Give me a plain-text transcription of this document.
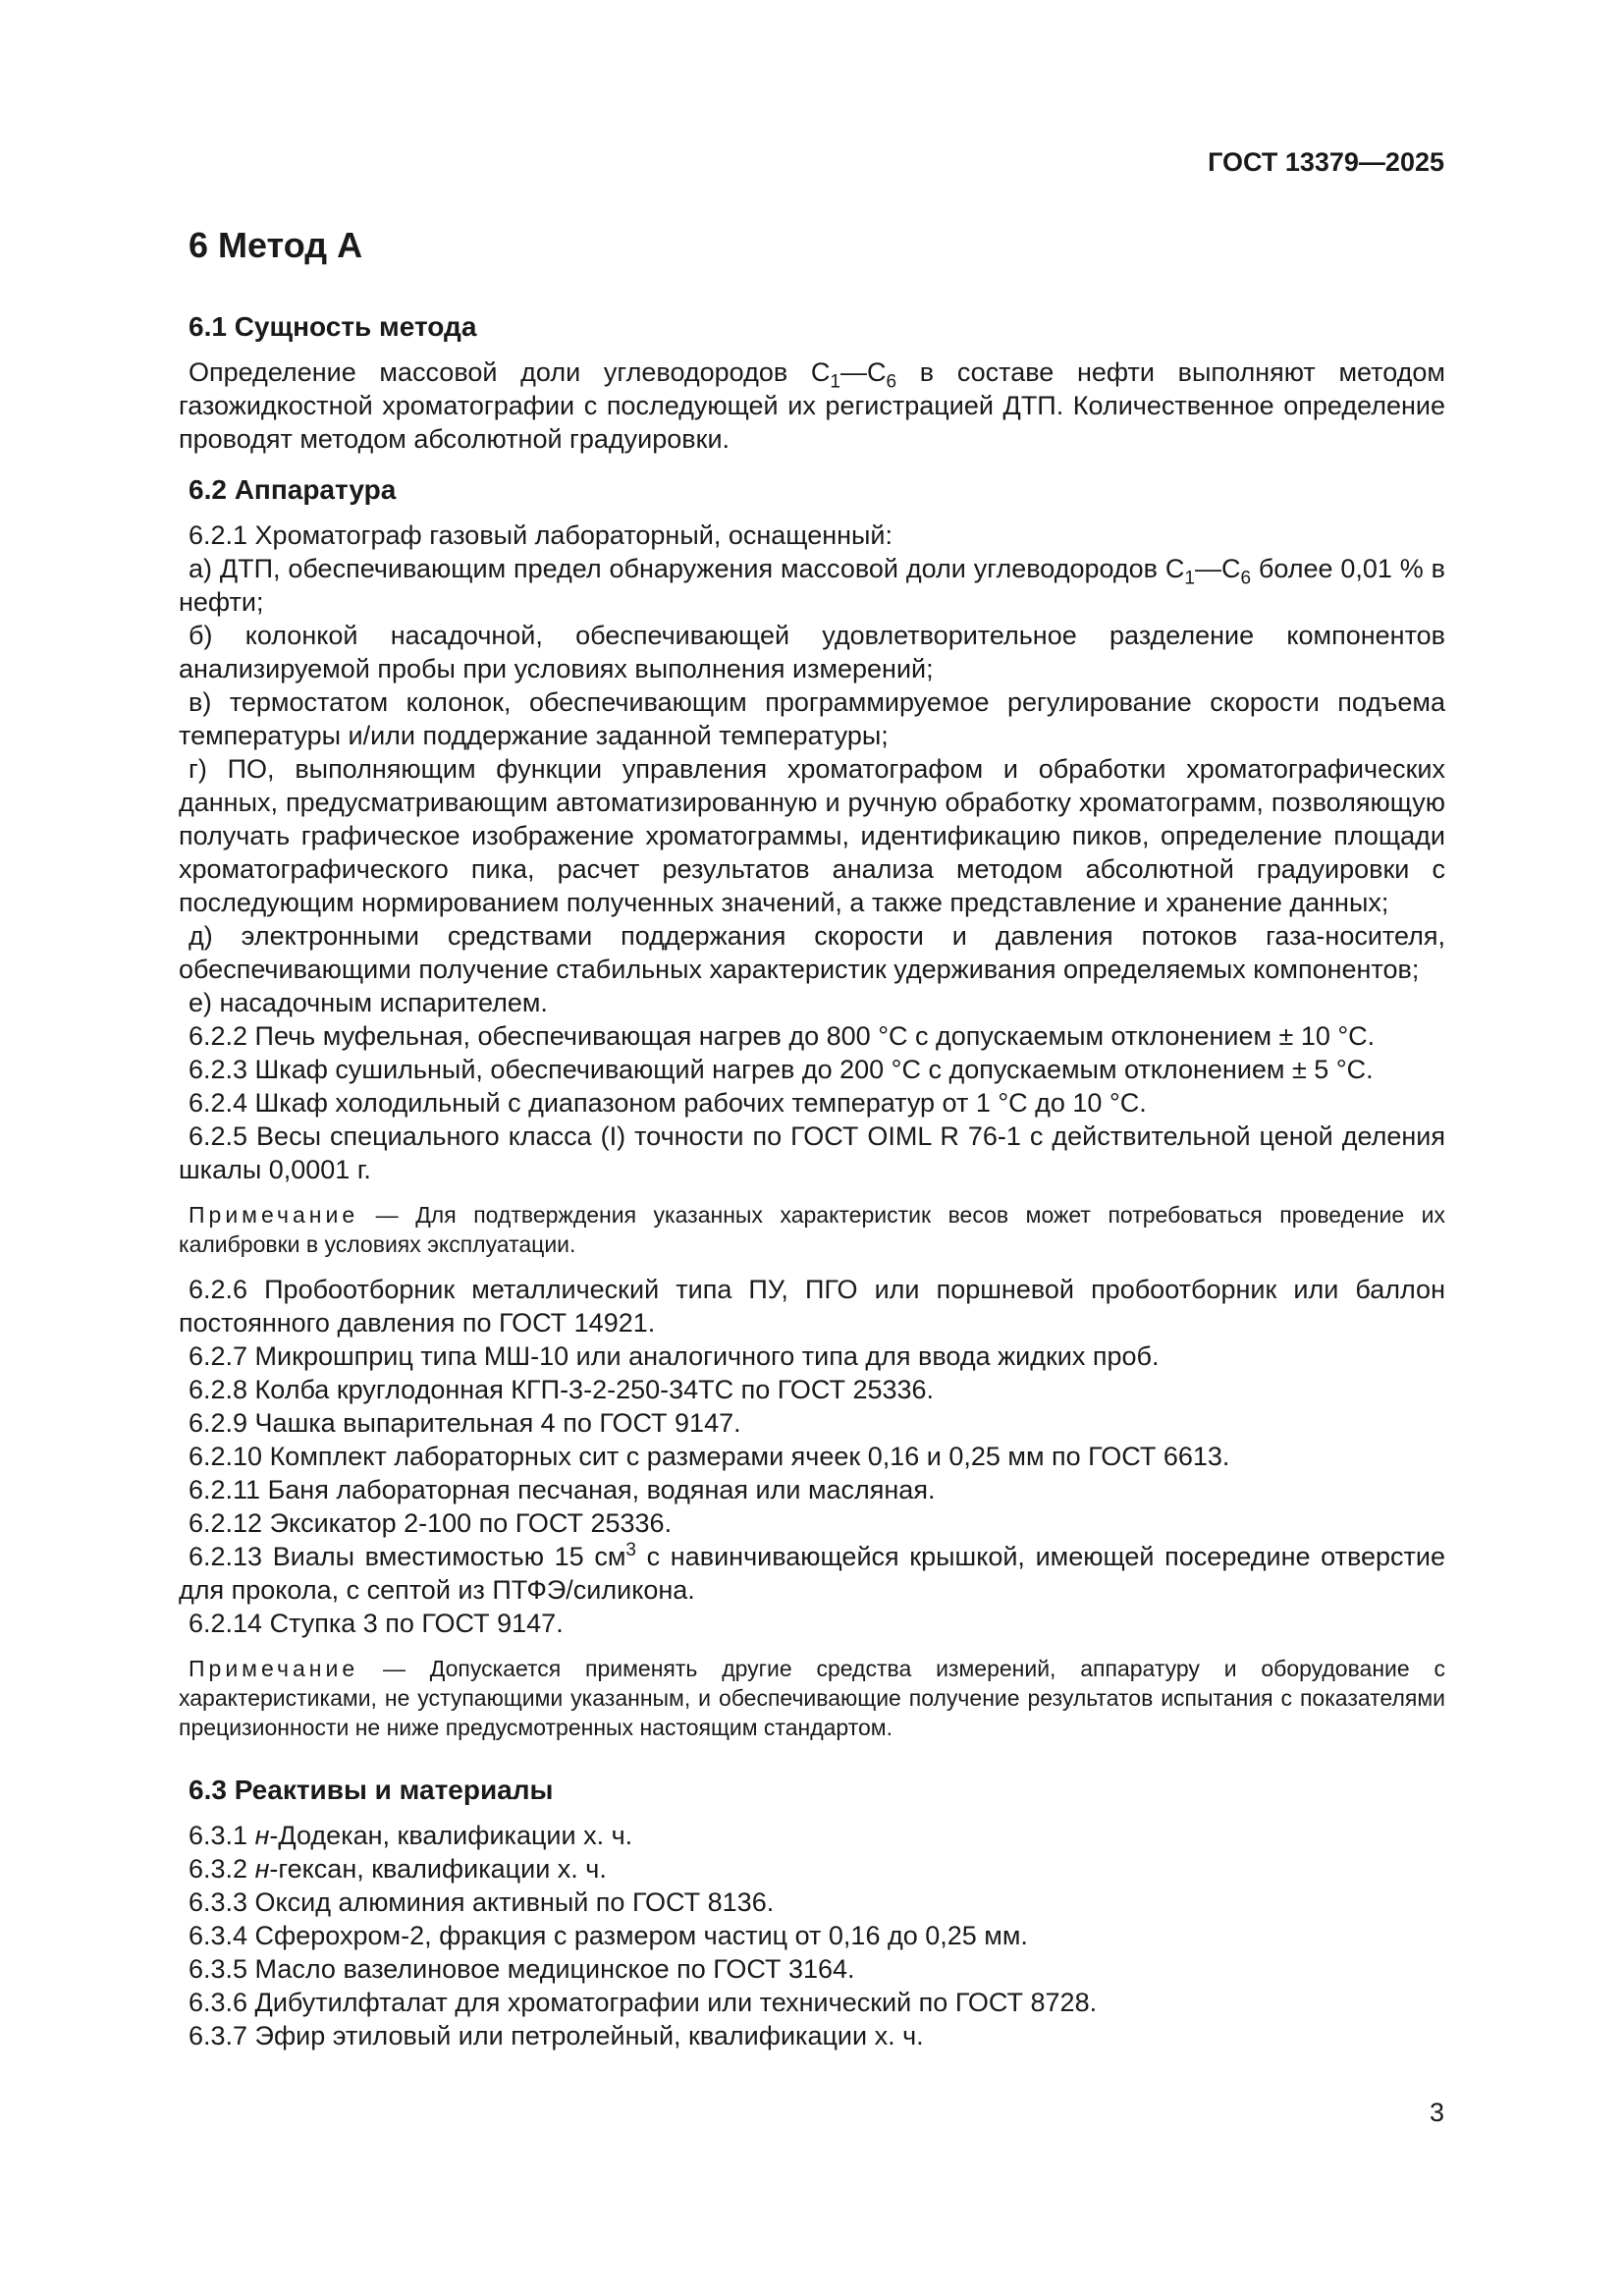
ГОСТ 13379—2025
6 Метод А
6.1 Сущность метода

Определение массовой доли углеводородов $С_1—С_6$ в составе нефти выполняют методом газожидкостной хроматографии с последующей их регистрацией ДТП. Количественное определение проводят методом абсолютной градуировки.

6.2 Аппаратура

6.2.1 Хроматограф газовый лабораторный, оснащенный:

а) ДТП, обеспечивающим предел обнаружения массовой доли углеводородов $С_1—С_6$ более 0,01 % в нефти;

б) колонкой насадочной, обеспечивающей удовлетворительное разделение компонентов анализируемой пробы при условиях выполнения измерений;

в) термостатом колонок, обеспечивающим программируемое регулирование скорости подъема температуры и/или поддержание заданной температуры;

г) ПО, выполняющим функции управления хроматографом и обработки хроматографических данных, предусматривающим автоматизированную и ручную обработку хроматограмм, позволяющую получать графическое изображение хроматограммы, идентификацию пиков, определение площади хроматографического пика, расчет результатов анализа методом абсолютной градуировки с последующим нормированием полученных значений, а также представление и хранение данных;

д) электронными средствами поддержания скорости и давления потоков газа-носителя, обеспечивающими получение стабильных характеристик удерживания определяемых компонентов;

е) насадочным испарителем.

6.2.2 Печь муфельная, обеспечивающая нагрев до 800 °С с допускаемым отклонением ± 10 °С.

6.2.3 Шкаф сушильный, обеспечивающий нагрев до 200 °С с допускаемым отклонением ± 5 °С.

6.2.4 Шкаф холодильный с диапазоном рабочих температур от 1 °С до 10 °С.

6.2.5 Весы специального класса (I) точности по ГОСТ OIML R 76-1 с действительной ценой деления шкалы 0,0001 г.

Примечание — Для подтверждения указанных характеристик весов может потребоваться проведение их калибровки в условиях эксплуатации.

6.2.6 Пробоотборник металлический типа ПУ, ПГО или поршневой пробоотборник или баллон постоянного давления по ГОСТ 14921.

6.2.7 Микрошприц типа МШ-10 или аналогичного типа для ввода жидких проб.

6.2.8 Колба круглодонная КГП-3-2-250-34ТС по ГОСТ 25336.

6.2.9 Чашка выпарительная 4 по ГОСТ 9147.

6.2.10 Комплект лабораторных сит с размерами ячеек 0,16 и 0,25 мм по ГОСТ 6613.

6.2.11 Баня лабораторная песчаная, водяная или масляная.

6.2.12 Эксикатор 2-100 по ГОСТ 25336.

6.2.13 Виалы вместимостью 15 $см^3$ с навинчивающейся крышкой, имеющей посередине отверстие для прокола, с септой из ПТФЭ/силикона.

6.2.14 Ступка 3 по ГОСТ 9147.

Примечание — Допускается применять другие средства измерений, аппаратуру и оборудование с характеристиками, не уступающими указанным, и обеспечивающие получение результатов испытания с показателями прецизионности не ниже предусмотренных настоящим стандартом.

6.3 Реактивы и материалы

6.3.1 н-Додекан, квалификации х. ч.

6.3.2 н-гексан, квалификации х. ч.

6.3.3 Оксид алюминия активный по ГОСТ 8136.

6.3.4 Сферохром-2, фракция с размером частиц от 0,16 до 0,25 мм.

6.3.5 Масло вазелиновое медицинское по ГОСТ 3164.

6.3.6 Дибутилфталат для хроматографии или технический по ГОСТ 8728.

6.3.7 Эфир этиловый или петролейный, квалификации х. ч.

3
